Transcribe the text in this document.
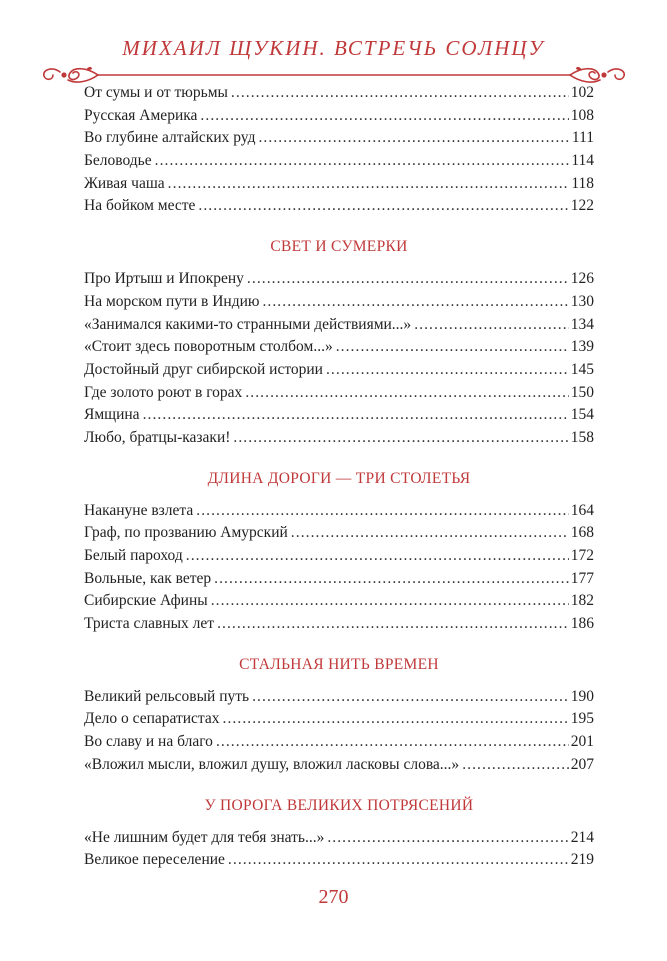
МИХАИЛ ЩУКИН. ВСТРЕЧЬ СОЛНЦУ
От сумы и от тюрьмы . . .	102
Русская Америка . . .	108
Во глубине алтайских руд . . .	111
Беловодье . . .	114
Живая чаша . . .	118
На бойком месте . . .	122
СВЕТ И СУМЕРКИ
Про Иртыш и Ипокрену . . .	126
На морском пути в Индию . . .	130
«Занимался какими-то странными действиями...» . . .	134
«Стоит здесь поворотным столбом...» . . .	139
Достойный друг сибирской истории . . .	145
Где золото роют в горах . . .	150
Ямщина . . .	154
Любо, братцы-казаки! . . .	158
ДЛИНА ДОРОГИ — ТРИ СТОЛЕТЬЯ
Накануне взлета . . .	164
Граф, по прозванию Амурский . . .	168
Белый пароход . . .	172
Вольные, как ветер . . .	177
Сибирские Афины . . .	182
Триста славных лет . . .	186
СТАЛЬНАЯ НИТЬ ВРЕМЕН
Великий рельсовый путь . . .	190
Дело о сепаратистах . . .	195
Во славу и на благо . . .	201
«Вложил мысли, вложил душу, вложил ласковы слова...» . . .	207
У ПОРОГА ВЕЛИКИХ ПОТРЯСЕНИЙ
«Не лишним будет для тебя знать...» . . .	214
Великое переселение . . .	219
270
